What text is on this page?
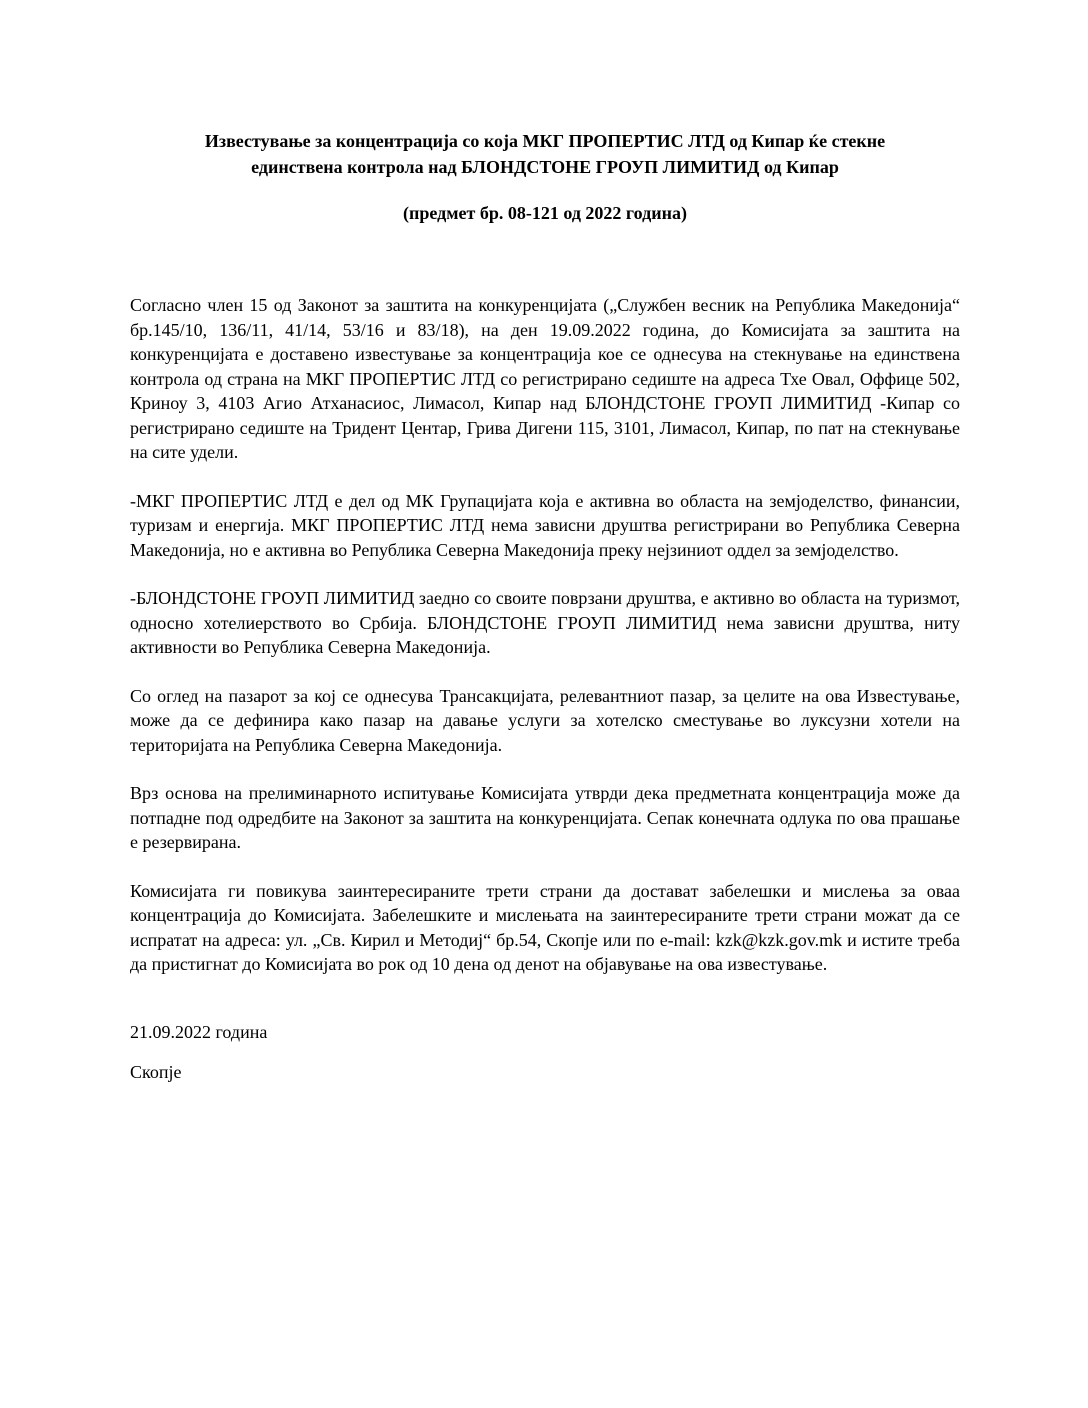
Известување за концентрација со која МКГ ПРОПЕРТИС ЛТД од Кипар ќе стекне
единствена контрола над БЛОНДСТОНЕ ГРОУП ЛИМИТИД од Кипар

(предмет бр. 08-121 од 2022 година)

Согласно член 15 од Законот за заштита на конкуренцијата („Службен весник на Република Македонија“ бр.145/10, 136/11, 41/14, 53/16 и 83/18), на ден 19.09.2022 година, до Комисијата за заштита на конкуренцијата е доставено известување за концентрација кое се однесува на стекнување на единствена контрола од страна на МКГ ПРОПЕРТИС ЛТД со регистрирано седиште на адреса Тхе Овал, Оффице 502, Криноу 3, 4103 Агио Атханасиос, Лимасол, Кипар над БЛОНДСТОНЕ ГРОУП ЛИМИТИД -Кипар со регистрирано седиште на Тридент Центар, Грива Дигени 115, 3101, Лимасол, Кипар, по пат на стекнување на сите удели.

-МКГ ПРОПЕРТИС ЛТД е дел од МК Групацијата која е активна во областа на земјоделство, финансии, туризам и енергија. МКГ ПРОПЕРТИС ЛТД нема зависни друштва регистрирани во Република Северна Македонија, но е активна во Република Северна Македонија преку нејзиниот оддел за земјоделство.

-БЛОНДСТОНЕ ГРОУП ЛИМИТИД заедно со своите поврзани друштва, е активно во областа на туризмот, односно хотелиерството во Србија. БЛОНДСТОНЕ ГРОУП ЛИМИТИД нема зависни друштва, ниту активности во Република Северна Македонија.

Со оглед на пазарот за кој се однесува Трансакцијата, релевантниот пазар, за целите на ова Известување, може да се дефинира како пазар на давање услуги за хотелско сместување во луксузни хотели на територијата на Република Северна Македонија.

Врз основа на прелиминарното испитување Комисијата утврди дека предметната концентрација може да потпадне под одредбите на Законот за заштита на конкуренцијата. Сепак конечната одлука по ова прашање е резервирана.

Комисијата ги повикува заинтересираните трети страни да доставaт забелешки и мислења за оваа концентрација до Комисијата. Забелешките и мислењата на заинтересираните трети страни можат да се испратат на адреса: ул. „Св. Кирил и Методиј“ бр.54, Скопје или по e-mail: kzk@kzk.gov.mk и истите треба да пристигнат до Комисијата во рок од 10 дена од денот на објавување на ова известување.

21.09.2022 година
Скопје
